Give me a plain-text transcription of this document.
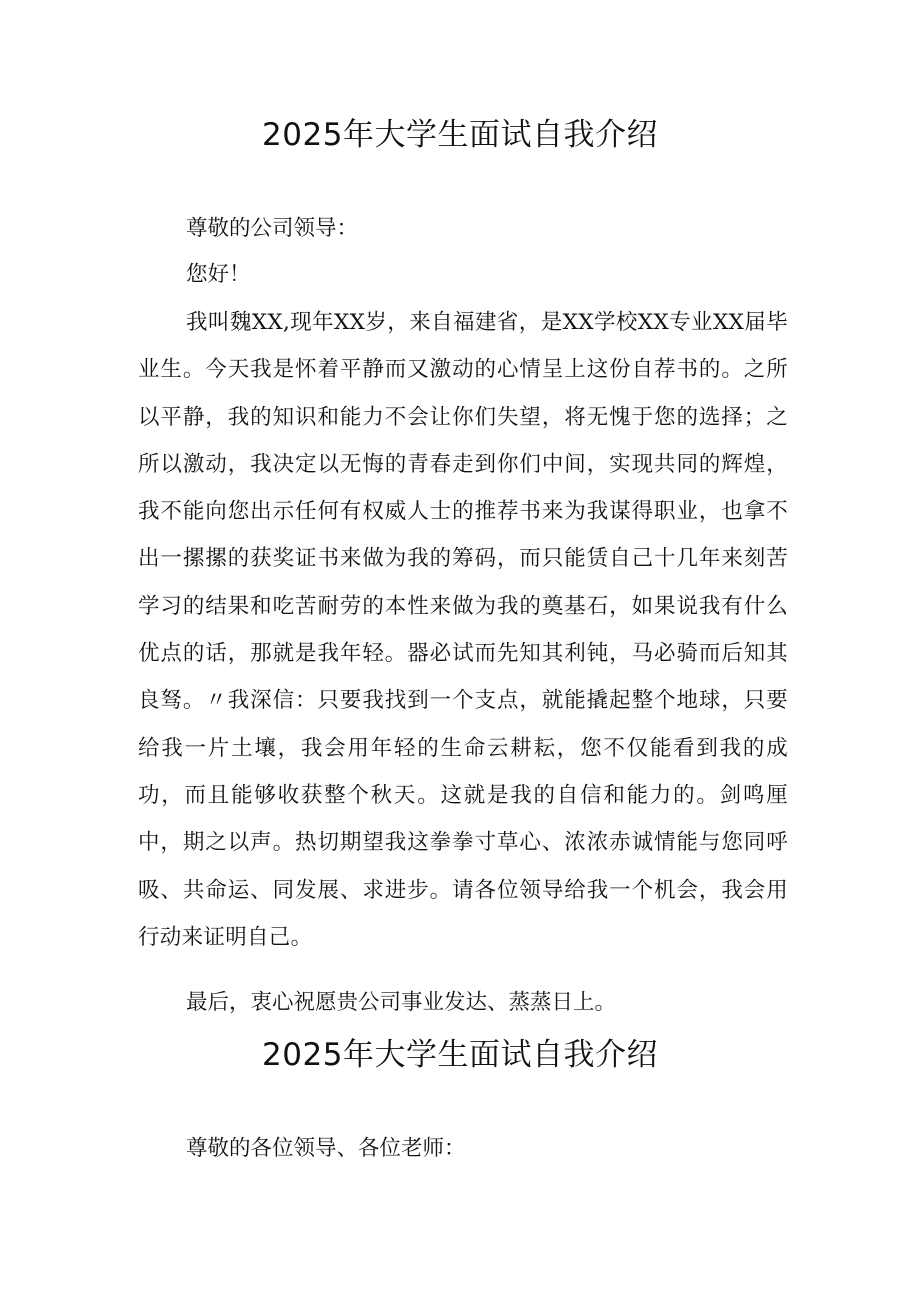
2025年大学生面试自我介绍

尊敬的公司领导：

您好！

我叫魏XX,现年XX岁，来自福建省，是XX学校XX专业XX届毕业生。今天我是怀着平静而又激动的心情呈上这份自荐书的。之所以平静，我的知识和能力不会让你们失望，将无愧于您的选择；之所以激动，我决定以无悔的青春走到你们中间，实现共同的辉煌，我不能向您出示任何有权威人士的推荐书来为我谋得职业，也拿不出一摞摞的获奖证书来做为我的筹码，而只能赁自己十几年来刻苦学习的结果和吃苦耐劳的本性来做为我的奠基石，如果说我有什么优点的话，那就是我年轻。器必试而先知其利钝，马必骑而后知其良驽。〃我深信：只要我找到一个支点，就能撬起整个地球，只要给我一片土壤，我会用年轻的生命云耕耘，您不仅能看到我的成功，而且能够收获整个秋天。这就是我的自信和能力的。剑鸣厘中，期之以声。热切期望我这拳拳寸草心、浓浓赤诚情能与您同呼吸、共命运、同发展、求进步。请各位领导给我一个机会，我会用行动来证明自己。

最后，衷心祝愿贵公司事业发达、蒸蒸日上。

2025年大学生面试自我介绍

尊敬的各位领导、各位老师：
